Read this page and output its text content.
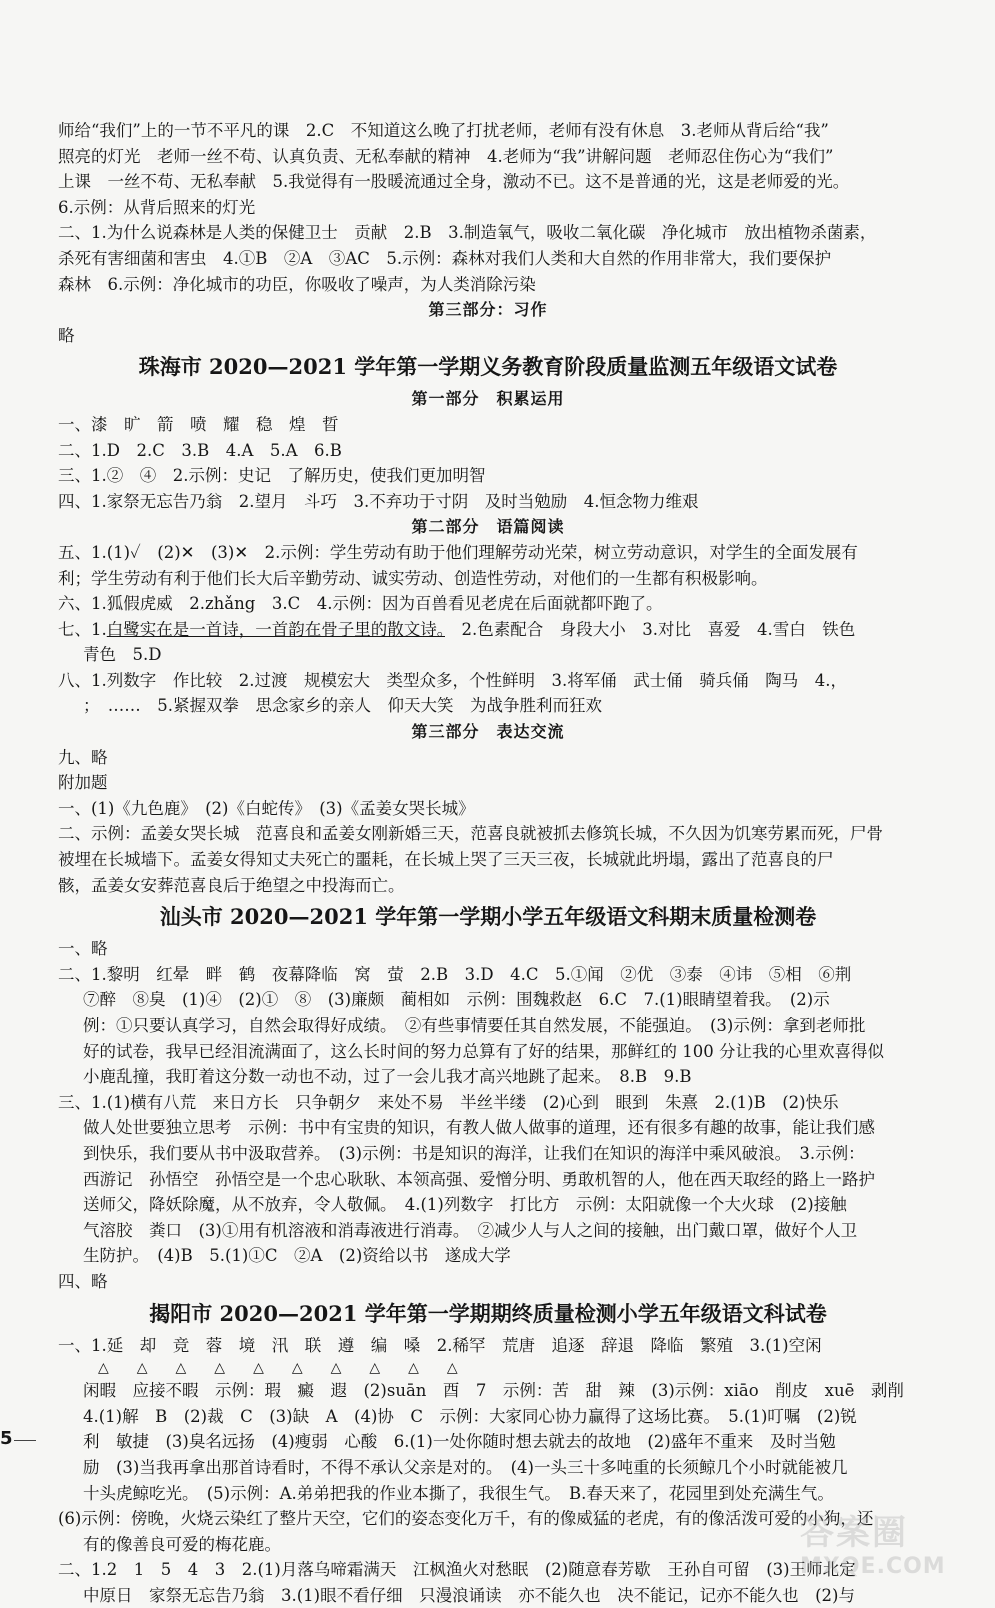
师给“我们”上的一节不平凡的课　2.C　不知道这么晚了打扰老师，老师有没有休息　3.老师从背后给“我”
照亮的灯光　老师一丝不苟、认真负责、无私奉献的精神　4.老师为“我”讲解问题　老师忍住伤心为“我们”
上课　一丝不苟、无私奉献　5.我觉得有一股暖流通过全身，激动不已。这不是普通的光，这是老师爱的光。
6.示例：从背后照来的灯光
二、1.为什么说森林是人类的保健卫士　贡献　2.B　3.制造氧气，吸收二氧化碳　净化城市　放出植物杀菌素，
杀死有害细菌和害虫　4.①B　②A　③AC　5.示例：森林对我们人类和大自然的作用非常大，我们要保护
森林　6.示例：净化城市的功臣，你吸收了噪声，为人类消除污染
第三部分：习作
略
珠海市 2020—2021 学年第一学期义务教育阶段质量监测五年级语文试卷
第一部分　积累运用
一、漆　旷　箭　喷　耀　稳　煌　晢
二、1.D　2.C　3.B　4.A　5.A　6.B
三、1.②　④　2.示例：史记　了解历史，使我们更加明智
四、1.家祭无忘告乃翁　2.望月　斗巧　3.不弃功于寸阴　及时当勉励　4.恒念物力维艰
第二部分　语篇阅读
五、1.(1)✓　(2)✕　(3)✕　2.示例：学生劳动有助于他们理解劳动光荣，树立劳动意识，对学生的全面发展有
利；学生劳动有利于他们长大后辛勤劳动、诚实劳动、创造性劳动，对他们的一生都有积极影响。
六、1.狐假虎威　2.zhǎng　3.C　4.示例：因为百兽看见老虎在后面就都吓跑了。
七、1.白鹭实在是一首诗，一首韵在骨子里的散文诗。　2.色素配合　身段大小　3.对比　喜爱　4.雪白　铁色
青色　5.D
八、1.列数字　作比较　2.过渡　规模宏大　类型众多，个性鲜明　3.将军俑　武士俑　骑兵俑　陶马　4.，
；　……　5.紧握双拳　思念家乡的亲人　仰天大笑　为战争胜利而狂欢
第三部分　表达交流
九、略
附加题
一、(1)《九色鹿》　(2)《白蛇传》　(3)《孟姜女哭长城》
二、示例：孟姜女哭长城　范喜良和孟姜女刚新婚三天，范喜良就被抓去修筑长城，不久因为饥寒劳累而死，尸骨
被埋在长城墙下。孟姜女得知丈夫死亡的噩耗，在长城上哭了三天三夜，长城就此坍塌，露出了范喜良的尸
骸，孟姜女安葬范喜良后于绝望之中投海而亡。
汕头市 2020—2021 学年第一学期小学五年级语文科期末质量检测卷
一、略
二、1.黎明　红晕　畔　鹤　夜幕降临　窝　萤　2.B　3.D　4.C　5.①闻　②优　③泰　④讳　⑤相　⑥荆
⑦醉　⑧臭　(1)④　(2)①　⑧　(3)廉颇　蔺相如　示例：围魏救赵　6.C　7.(1)眼睛望着我。　(2)示
例：①只要认真学习，自然会取得好成绩。　②有些事情要任其自然发展，不能强迫。　(3)示例：拿到老师批
好的试卷，我早已经泪流满面了，这么长时间的努力总算有了好的结果，那鲜红的 100 分让我的心里欢喜得似
小鹿乱撞，我盯着这分数一动也不动，过了一会儿我才高兴地跳了起来。　8.B　9.B
三、1.(1)横有八荒　来日方长　只争朝夕　来处不易　半丝半缕　(2)心到　眼到　朱熹　2.(1)B　(2)快乐
做人处世要独立思考　示例：书中有宝贵的知识，有教人做人做事的道理，还有很多有趣的故事，能让我们感
到快乐，我们要从书中汲取营养。　(3)示例：书是知识的海洋，让我们在知识的海洋中乘风破浪。　3.示例：
西游记　孙悟空　孙悟空是一个忠心耿耿、本领高强、爱憎分明、勇敢机智的人，他在西天取经的路上一路护
送师父，降妖除魔，从不放弃，令人敬佩。　4.(1)列数字　打比方　示例：太阳就像一个大火球　(2)接触
气溶胶　粪口　(3)①用有机溶液和消毒液进行消毒。　②减少人与人之间的接触，出门戴口罩，做好个人卫
生防护。　(4)B　5.(1)①C　②A　(2)资给以书　遂成大学
四、略
揭阳市 2020—2021 学年第一学期期终质量检测小学五年级语文科试卷
一、1.延　却　竞　蓉　境　汛　联　遵　编　嗓　2.稀罕　荒唐　追逐　辞退　降临　繁殖　3.(1)空闲
△　　△　　△　　△　　△　　△　　△　　△　　△　　△
闲暇　应接不暇　示例：瑕　癜　遐　(2)suān　酉　7　示例：苦　甜　辣　(3)示例：xiāo　削皮　xuē　剥削
4.(1)解　B　(2)裁　C　(3)缺　A　(4)协　C　示例：大家同心协力赢得了这场比赛。　5.(1)叮嘱　(2)锐
利　敏捷　(3)臭名远扬　(4)瘦弱　心酸　6.(1)一处你随时想去就去的故地　(2)盛年不重来　及时当勉
励　(3)当我再拿出那首诗看时，不得不承认父亲是对的。　(4)一头三十多吨重的长须鲸几个小时就能被几
十头虎鲸吃光。　(5)示例：A.弟弟把我的作业本撕了，我很生气。　B.春天来了，花园里到处充满生气。
(6)示例：傍晚，火烧云染红了整片天空，它们的姿态变化万千，有的像威猛的老虎，有的像活泼可爱的小狗，还
有的像善良可爱的梅花鹿。
二、1.2　1　5　4　3　2.(1)月落乌啼霜满天　江枫渔火对愁眠　(2)随意春芳歇　王孙自可留　(3)王师北定
中原日　家祭无忘告乃翁　3.(1)眼不看仔细　只漫浪诵读　亦不能久也　决不能记，记亦不能久也　(2)与
5
答案圈
MXQE.COM
